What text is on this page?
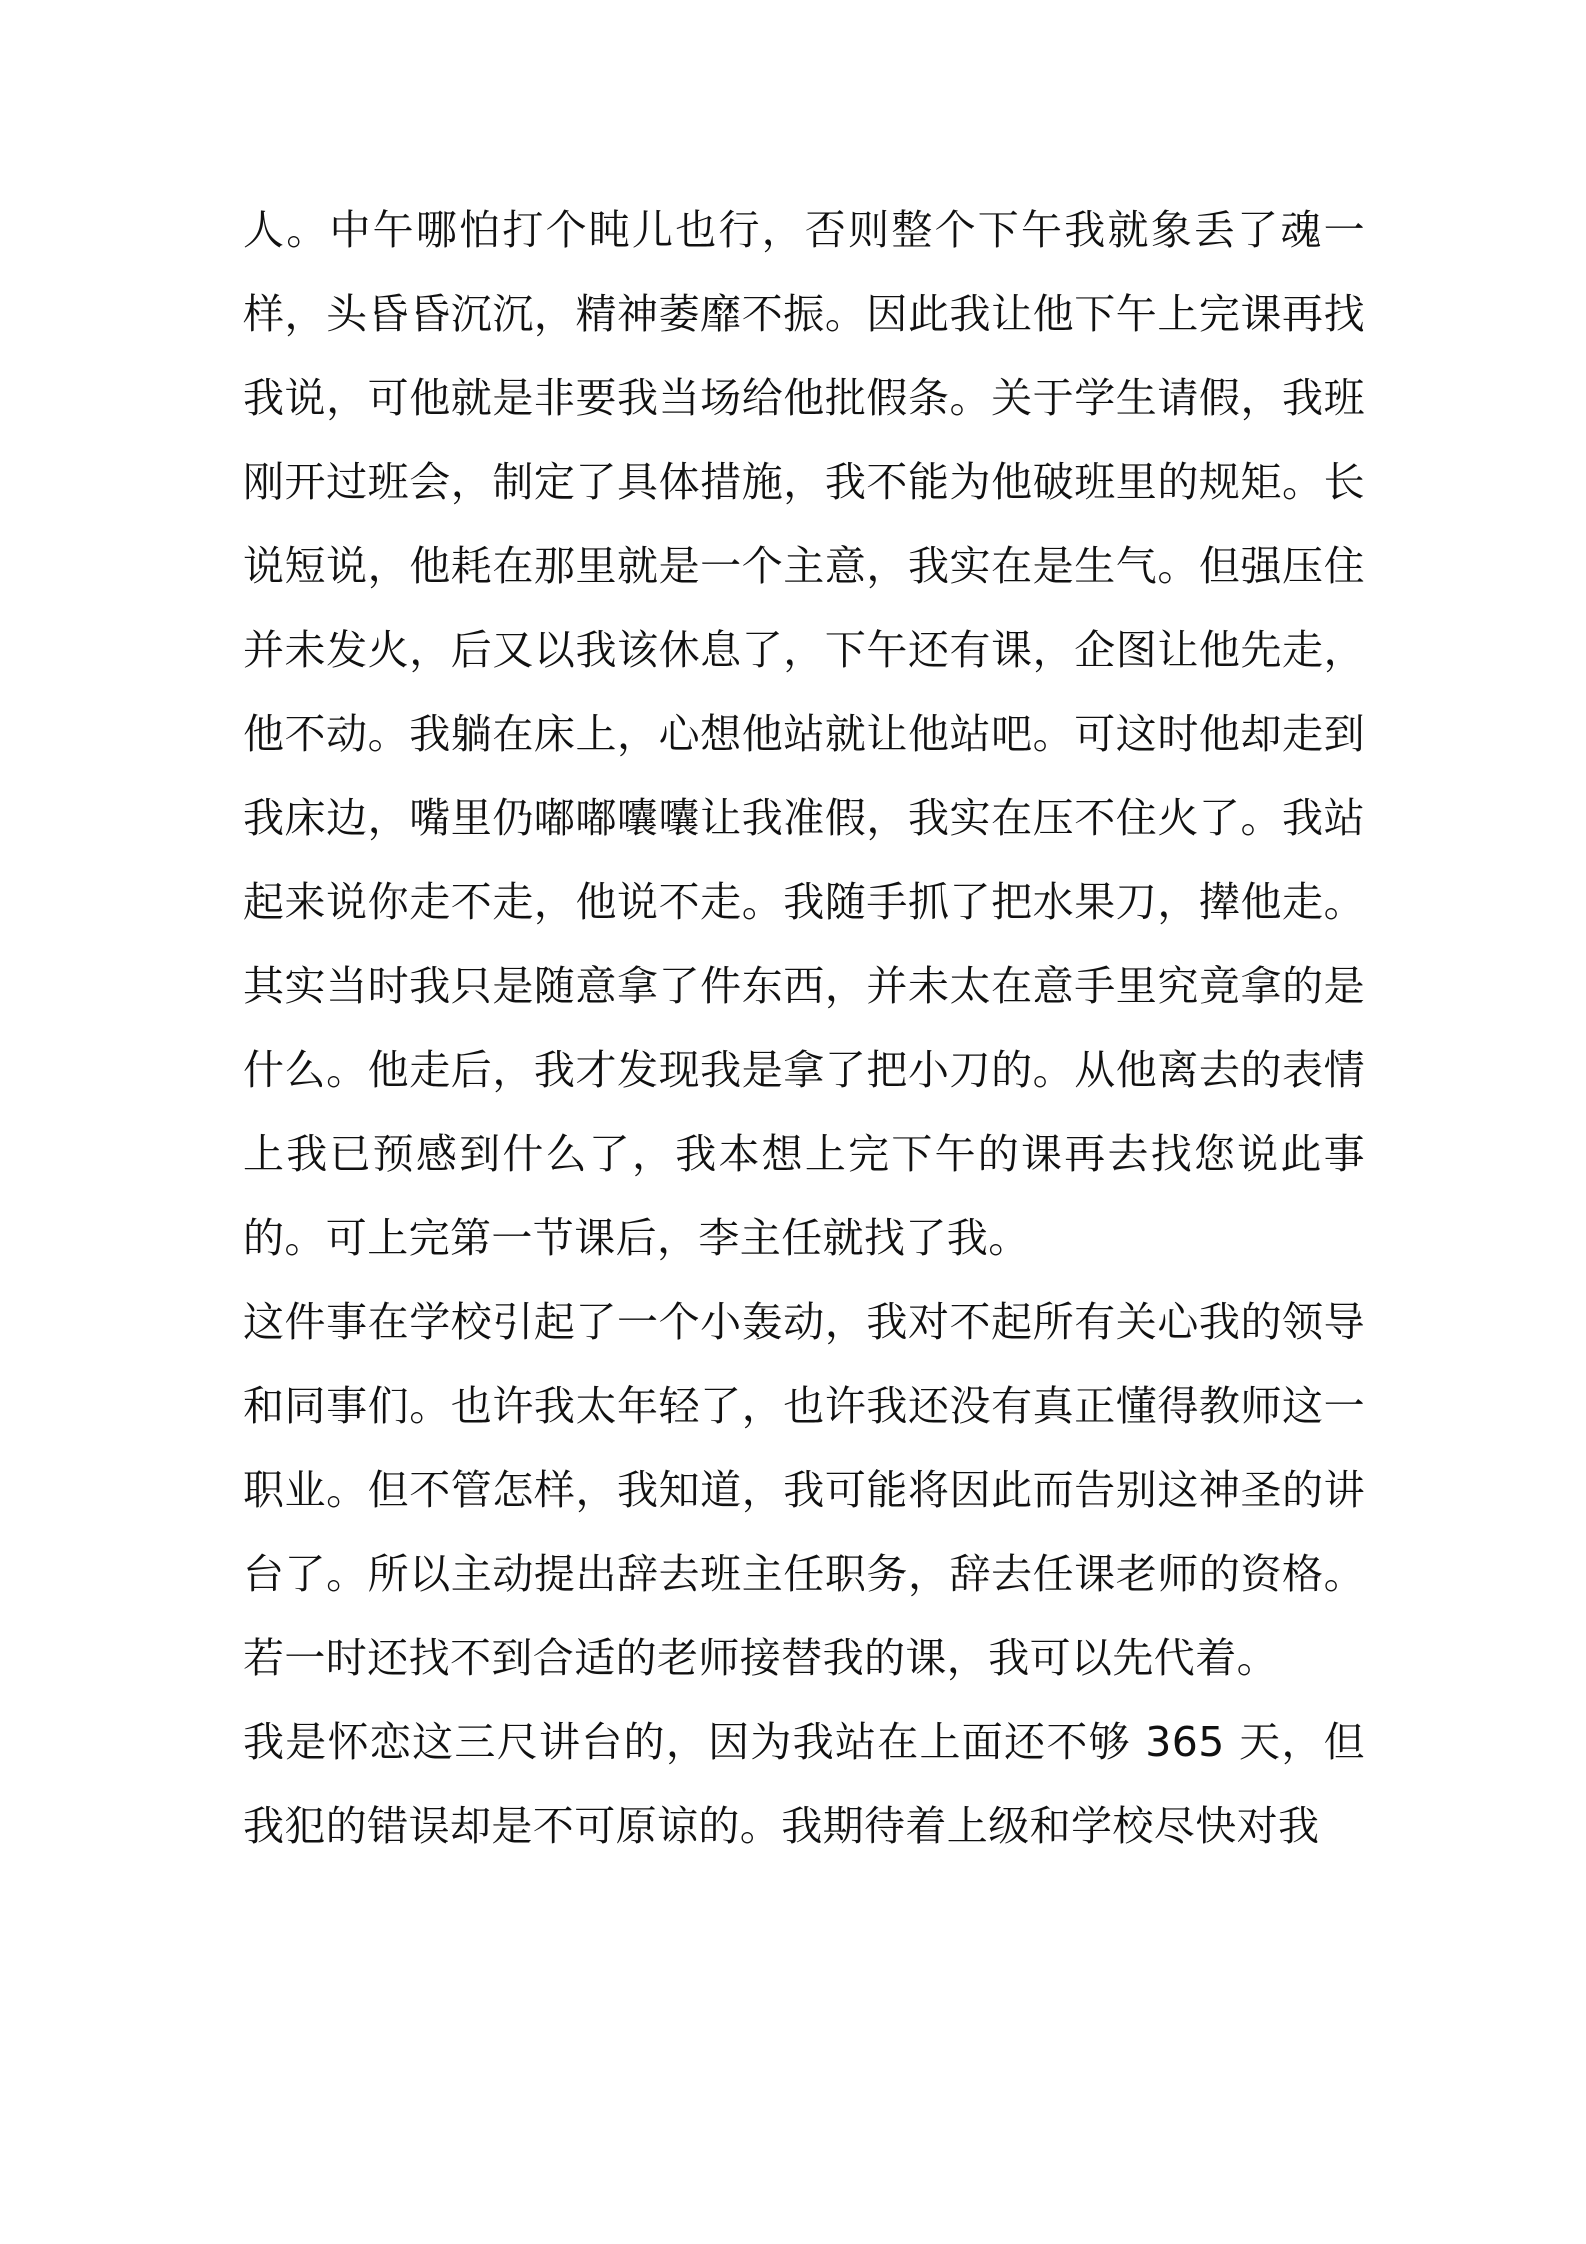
人。中午哪怕打个盹儿也行，否则整个下午我就象丢了魂一样，头昏昏沉沉，精神萎靡不振。因此我让他下午上完课再找我说，可他就是非要我当场给他批假条。关于学生请假，我班刚开过班会，制定了具体措施，我不能为他破班里的规矩。长说短说，他耗在那里就是一个主意，我实在是生气。但强压住并未发火，后又以我该休息了，下午还有课，企图让他先走，他不动。我躺在床上，心想他站就让他站吧。可这时他却走到我床边，嘴里仍嘟嘟囔囔让我准假，我实在压不住火了。我站起来说你走不走，他说不走。我随手抓了把水果刀，撵他走。其实当时我只是随意拿了件东西，并未太在意手里究竟拿的是什么。他走后，我才发现我是拿了把小刀的。从他离去的表情上我已预感到什么了，我本想上完下午的课再去找您说此事的。可上完第一节课后，李主任就找了我。

这件事在学校引起了一个小轰动，我对不起所有关心我的领导和同事们。也许我太年轻了，也许我还没有真正懂得教师这一职业。但不管怎样，我知道，我可能将因此而告别这神圣的讲台了。所以主动提出辞去班主任职务，辞去任课老师的资格。若一时还找不到合适的老师接替我的课，我可以先代着。

我是怀恋这三尺讲台的，因为我站在上面还不够 365 天，但我犯的错误却是不可原谅的。我期待着上级和学校尽快对我
